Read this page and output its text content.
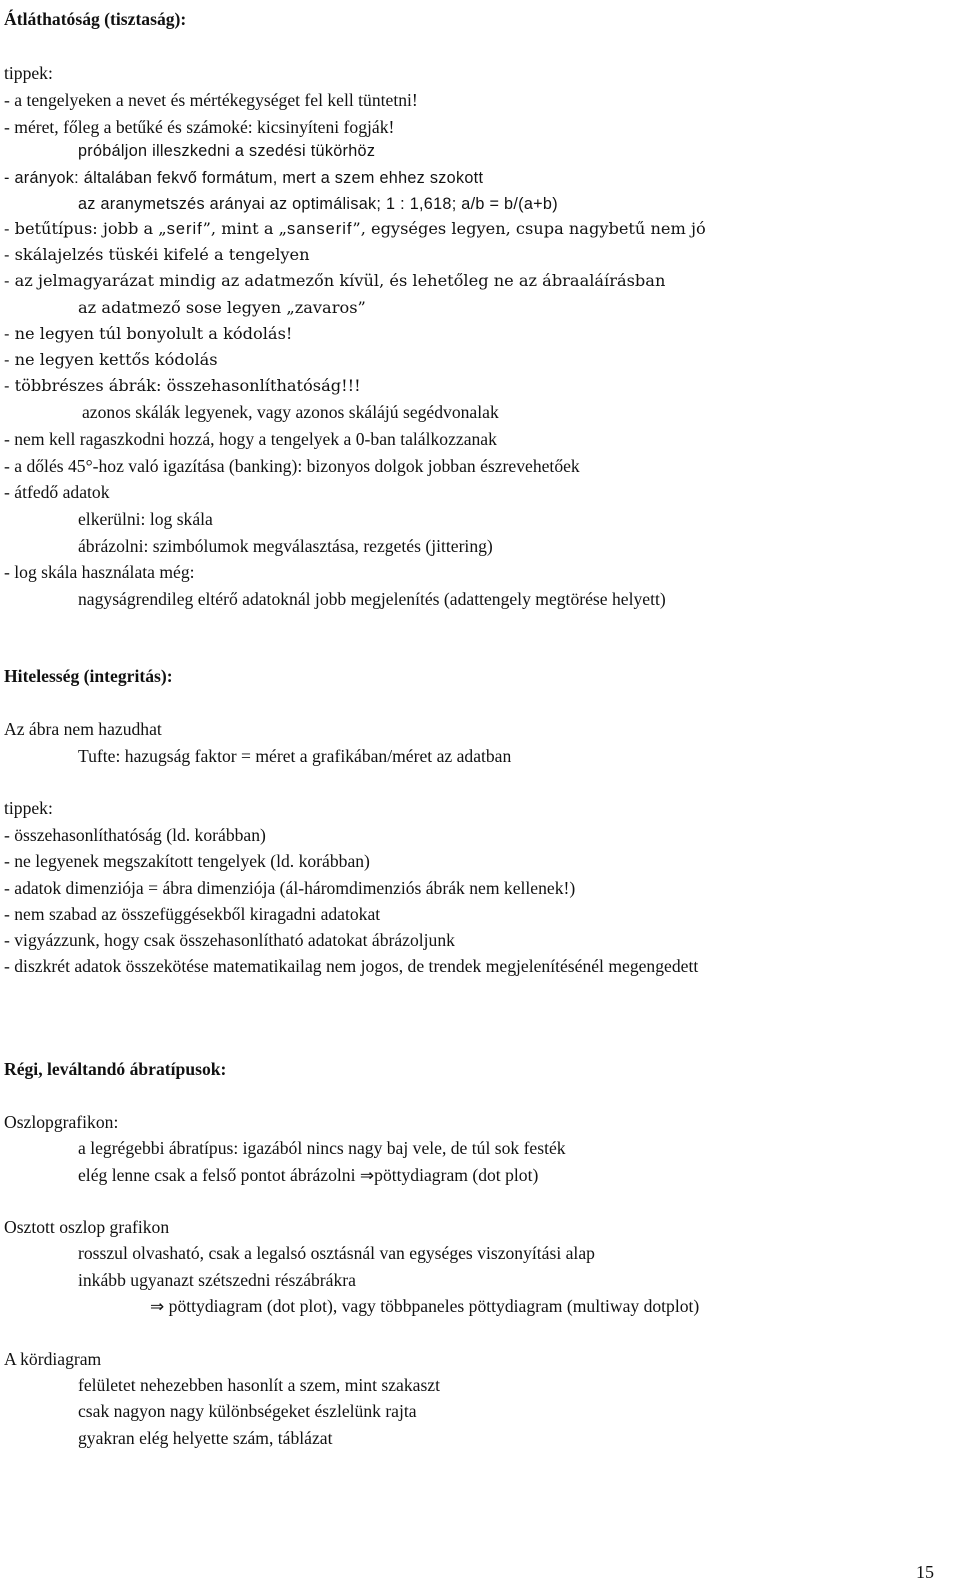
Átláthatóság (tisztaság):
tippek:
- a tengelyeken a nevet és mértékegységet fel kell tüntetni!
- méret, főleg a betűké és számoké: kicsinyíteni fogják!
próbáljon illeszkedni a szedési tükörhöz
- arányok: általában fekvő formátum, mert a szem ehhez szokott
az aranymetszés arányai az optimálisak; 1 : 1,618; a/b = b/(a+b)
- betűtípus: jobb a „serif”, mint a „sanserif”, egységes legyen, csupa nagybetű nem jó
- skálajelzés tüskéi kifelé a tengelyen
- az jelmagyarázat mindig az adatmezőn kívül, és lehetőleg ne az ábraaláírásban
az adatmező sose legyen „zavaros”
- ne legyen túl bonyolult a kódolás!
- ne legyen kettős kódolás
- többrészes ábrák: összehasonlíthatóság!!!
azonos skálák legyenek, vagy azonos skálájú segédvonalak
- nem kell ragaszkodni hozzá, hogy a tengelyek a 0-ban találkozzanak
- a dőlés 45°-hoz való igazítása (banking): bizonyos dolgok jobban észrevehetőek
- átfedő adatok
elkerülni: log skála
ábrázolni: szimbólumok megválasztása, rezgetés (jittering)
- log skála használata még:
nagyságrendileg eltérő adatoknál jobb megjelenítés (adattengely megtörése helyett)
Hitelesség (integritás):
Az ábra nem hazudhat
Tufte: hazugság faktor = méret a grafikában/méret az adatban
tippek:
- összehasonlíthatóság (ld. korábban)
- ne legyenek megszakított tengelyek (ld. korábban)
- adatok dimenziója = ábra dimenziója (ál-háromdimenziós ábrák nem kellenek!)
- nem szabad az összefüggésekből kiragadni adatokat
- vigyázzunk, hogy csak összehasonlítható adatokat ábrázoljunk
- diszkrét adatok összekötése matematikailag nem jogos, de trendek megjelenítésénél megengedett
Régi, leváltandó ábratípusok:
Oszlopgrafikon:
a legrégebbi ábratípus: igazából nincs nagy baj vele, de túl sok festék
elég lenne csak a felső pontot ábrázolni ⇒pöttydiagram (dot plot)
Osztott oszlop grafikon
rosszul olvasható, csak a legalsó osztásnál van egységes viszonyítási alap
inkább ugyanazt szétszedni részábrákra
⇒ pöttydiagram (dot plot), vagy többpaneles pöttydiagram (multiway dotplot)
A kördiagram
felületet nehezebben hasonlít a szem, mint szakaszt
csak nagyon nagy különbségeket észlelünk rajta
gyakran elég helyette szám, táblázat
15
